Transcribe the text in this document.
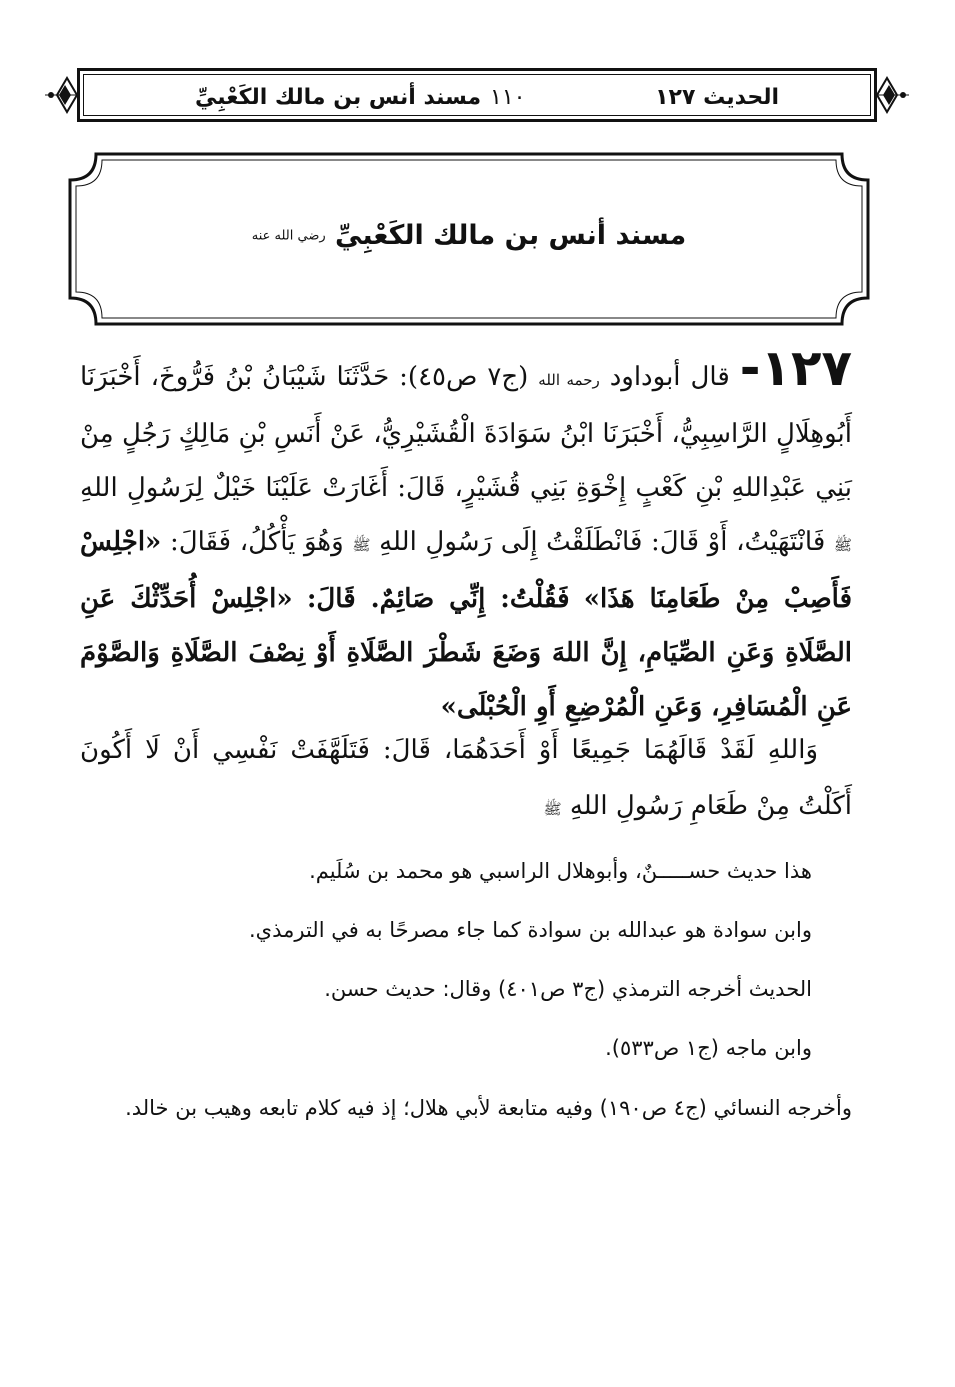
الحديث ١٢٧
١١٠
مسند أنس بن مالك الكَعْبِيِّ
مسند أنس بن مالك الكَعْبِيِّ رضي الله عنه
١٢٧- قال أبوداود رحمه الله (ج٧ ص٤٥): حَدَّثَنَا شَيْبَانُ بْنُ فَرُّوخَ، أَخْبَرَنَا أَبُوهِلَالٍ الرَّاسِبِيُّ، أَخْبَرَنَا ابْنُ سَوَادَةَ الْقُشَيْرِيُّ، عَنْ أَنَسِ بْنِ مَالِكٍ رَجُلٍ مِنْ بَنِي عَبْدِاللهِ بْنِ كَعْبٍ إِخْوَةِ بَنِي قُشَيْرٍ، قَالَ: أَغَارَتْ عَلَيْنَا خَيْلٌ لِرَسُولِ اللهِ ﷺ فَانْتَهَيْتُ، أَوْ قَالَ: فَانْطَلَقْتُ إِلَى رَسُولِ اللهِ ﷺ وَهُوَ يَأْكُلُ، فَقَالَ: «اجْلِسْ فَأَصِبْ مِنْ طَعَامِنَا هَذَا» فَقُلْتُ: إِنِّي صَائِمٌ. قَالَ: «اجْلِسْ أُحَدِّثْكَ عَنِ الصَّلَاةِ وَعَنِ الصِّيَامِ، إِنَّ اللهَ وَضَعَ شَطْرَ الصَّلَاةِ أَوْ نِصْفَ الصَّلَاةِ وَالصَّوْمَ عَنِ الْمُسَافِرِ، وَعَنِ الْمُرْضِعِ أَوِ الْحُبْلَى»
وَاللهِ لَقَدْ قَالَهُمَا جَمِيعًا أَوْ أَحَدَهُمَا، قَالَ: فَتَلَهَّفَتْ نَفْسِي أَنْ لَا أَكُونَ أَكَلْتُ مِنْ طَعَامِ رَسُولِ اللهِ ﷺ

هذا حديث حســـــنٌ، وأبوهلال الراسبي هو محمد بن سُلَيم.

وابن سوادة هو عبدالله بن سوادة كما جاء مصرحًا به في الترمذي.

الحديث أخرجه الترمذي (ج٣ ص٤٠١) وقال: حديث حسن.

وابن ماجه (ج١ ص٥٣٣).

وأخرجه النسائي (ج٤ ص١٩٠) وفيه متابعة لأبي هلال؛ إذ فيه كلام تابعه وهيب بن خالد.
